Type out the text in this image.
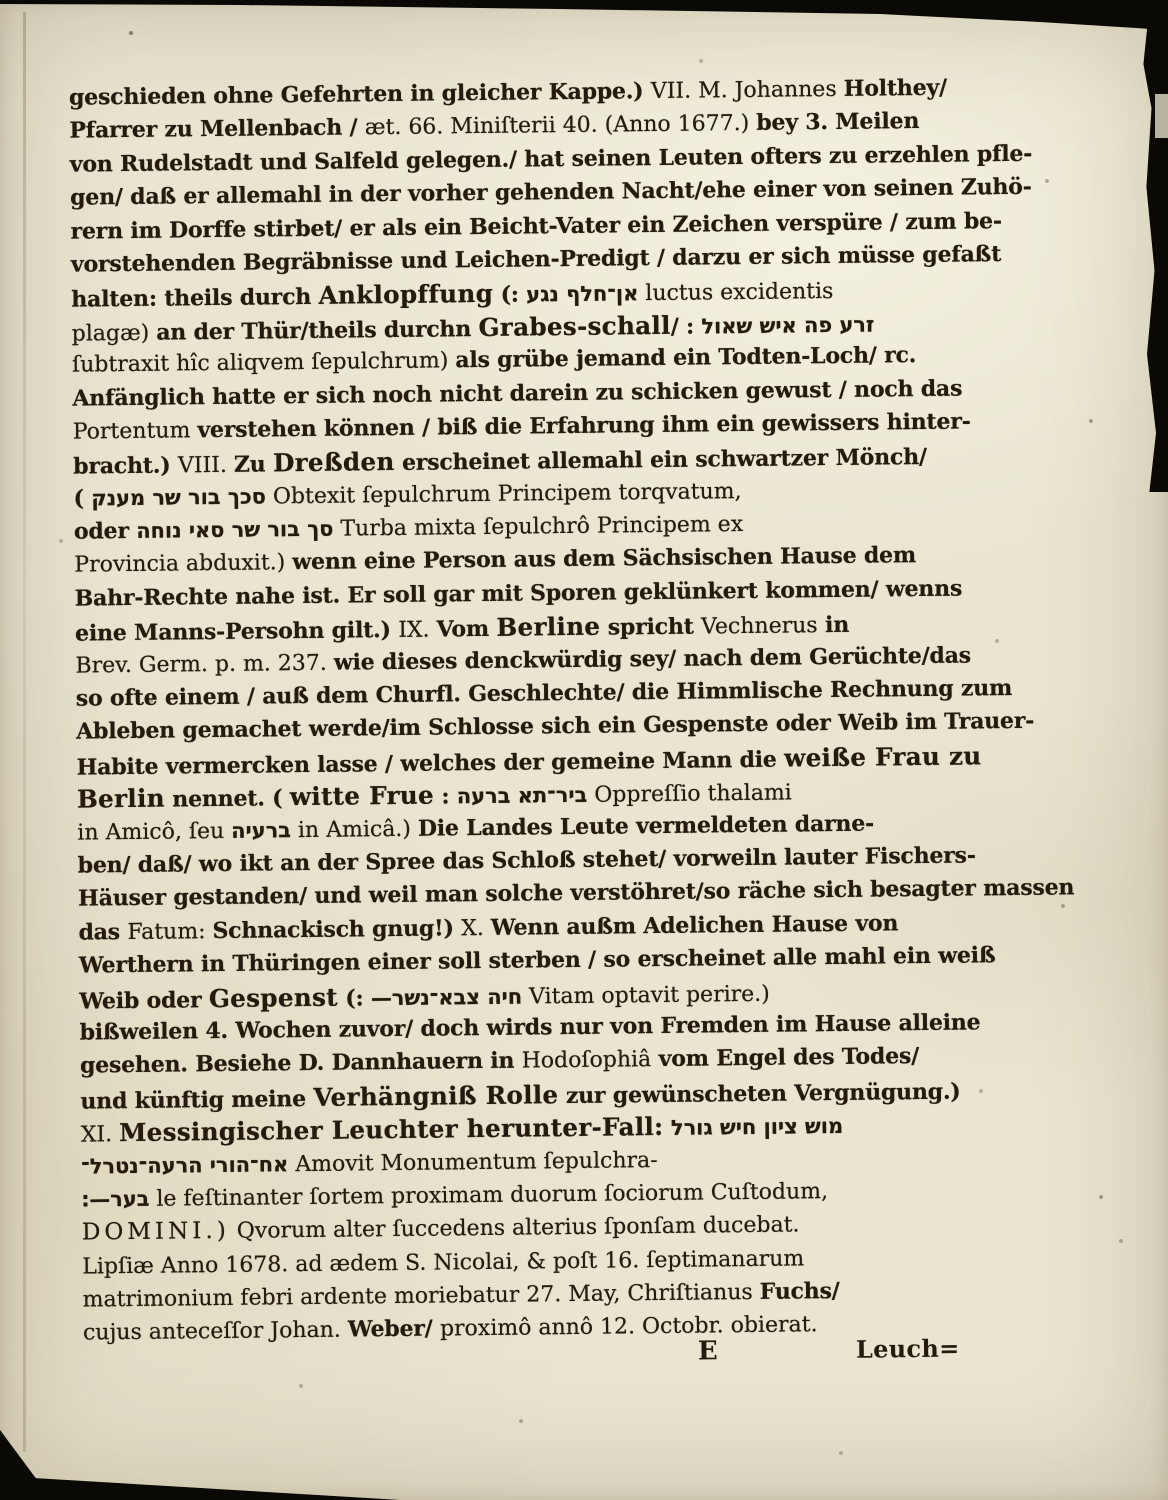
geschieden ohne Gefehrten in gleicher Kappe.) VII. M. Johannes Holthey/
Pfarrer zu Mellenbach / æt. 66. Miniſterii 40. (Anno 1677.) bey 3. Meilen
von Rudelstadt und Salfeld gelegen./ hat seinen Leuten ofters zu erzehlen pfle-
gen/ daß er allemahl in der vorher gehenden Nacht/ehe einer von seinen Zuhö-
rern im Dorffe stirbet/ er als ein Beicht-Vater ein Zeichen verspüre / zum be-
vorstehenden Begräbnisse und Leichen-Predigt / darzu er sich müsse gefaßt
halten: theils durch Anklopffung (: אן־חלף נגע luctus excidentis
plagæ) an der Thür/theils durchn Grabes-schall/ : זרע פה איש שאול
ſubtraxit hîc aliqvem ſepulchrum) als grübe jemand ein Todten-Loch/ rc.
Anfänglich hatte er sich noch nicht darein zu schicken gewust / noch das
Portentum verstehen können / biß die Erfahrung ihm ein gewissers hinter-
bracht.) VIII. Zu Dreßden erscheinet allemahl ein schwartzer Mönch/
( סכך בור שר מענק Obtexit ſepulchrum Principem torqvatum,
oder סך בור שר סאי נוחה Turba mixta ſepulchrô Principem ex
Provincia abduxit.) wenn eine Person aus dem Sächsischen Hause dem
Bahr-Rechte nahe ist. Er soll gar mit Sporen geklünkert kommen/ wenns
eine Manns-Persohn gilt.) IX. Vom Berline spricht Vechnerus in
Brev. Germ. p. m. 237. wie dieses denckwürdig sey/ nach dem Gerüchte/das
so ofte einem / auß dem Churfl. Geschlechte/ die Himmlische Rechnung zum
Ableben gemachet werde/im Schlosse sich ein Gespenste oder Weib im Trauer-
Habite vermercken lasse / welches der gemeine Mann die weiße Frau zu
Berlin nennet. ( witte Frue : ביר־תא ברעה Oppreſſio thalami
in Amicô, ſeu ברעיה in Amicâ.) Die Landes Leute vermeldeten darne-
ben/ daß/ wo ikt an der Spree das Schloß stehet/ vorweiln lauter Fischers-
Häuser gestanden/ und weil man solche verstöhret/so räche sich besagter massen
das Fatum: Schnackisch gnug!) X. Wenn außm Adelichen Hause von
Werthern in Thüringen einer soll sterben / so erscheinet alle mahl ein weiß
Weib oder Gespenst (: חיה צבא־נשר— Vitam optavit perire.)
bißweilen 4. Wochen zuvor/ doch wirds nur von Fremden im Hause alleine
gesehen. Besiehe D. Dannhauern in Hodoſophiâ vom Engel des Todes/
und künftig meine Verhängniß Rolle zur gewünscheten Vergnügung.)
XI. Messingischer Leuchter herunter-Fall: מוש ציון חיש גורל
אח־הורי הרעה־נטרל־ Amovit Monumentum ſepulchra-
בער—׃ le feſtinanter ſortem proximam duorum ſociorum Cuſtodum,
DOMINI.) Qvorum alter ſuccedens alterius ſponſam ducebat.
Lipſiæ Anno 1678. ad ædem S. Nicolai, & poſt 16. ſeptimanarum
matrimonium febri ardente moriebatur 27. May, Chriſtianus Fuchs/
cujus anteceſſor Johan. Weber/ proximô annô 12. Octobr. obierat.
E	Leuch=
